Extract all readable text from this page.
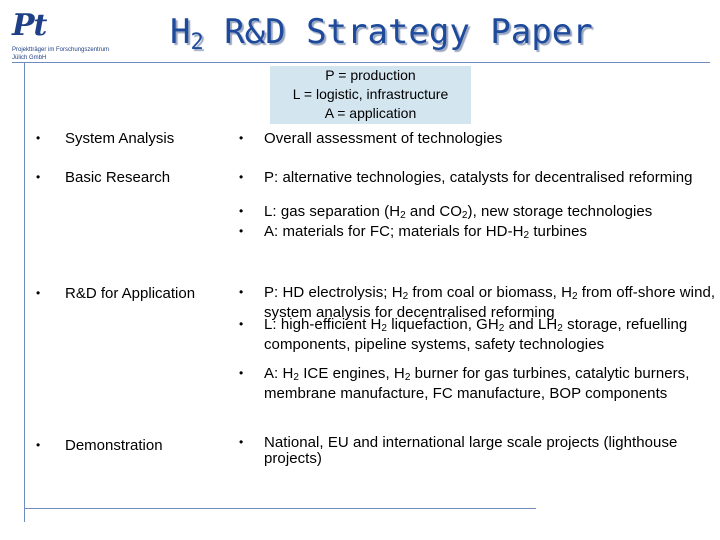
Pt
Projektträger im Forschungszentrum Jülich GmbH
$H_2$ R&D Strategy Paper
P = production
L = logistic, infrastructure
A = application
• System Analysis	• Overall assessment of technologies
• Basic Research	• P: alternative technologies, catalysts for decentralised reforming
• L: gas separation ($H_2$ and $CO_2$), new storage technologies
• A: materials for FC; materials for $HD-H_2$ turbines
• R&D for Application	• P: HD electrolysis; $H_2$ from coal or biomass, $H_2$ from off-shore wind, system analysis for decentralised reforming
• L: high-efficient $H_2$ liquefaction, $GH_2$ and $LH_2$ storage, refuelling components, pipeline systems, safety technologies
• A: $H_2$ ICE engines, $H_2$ burner for gas turbines, catalytic burners, membrane manufacture, FC manufacture, BOP components
• Demonstration	• National, EU and international large scale projects (lighthouse projects)
